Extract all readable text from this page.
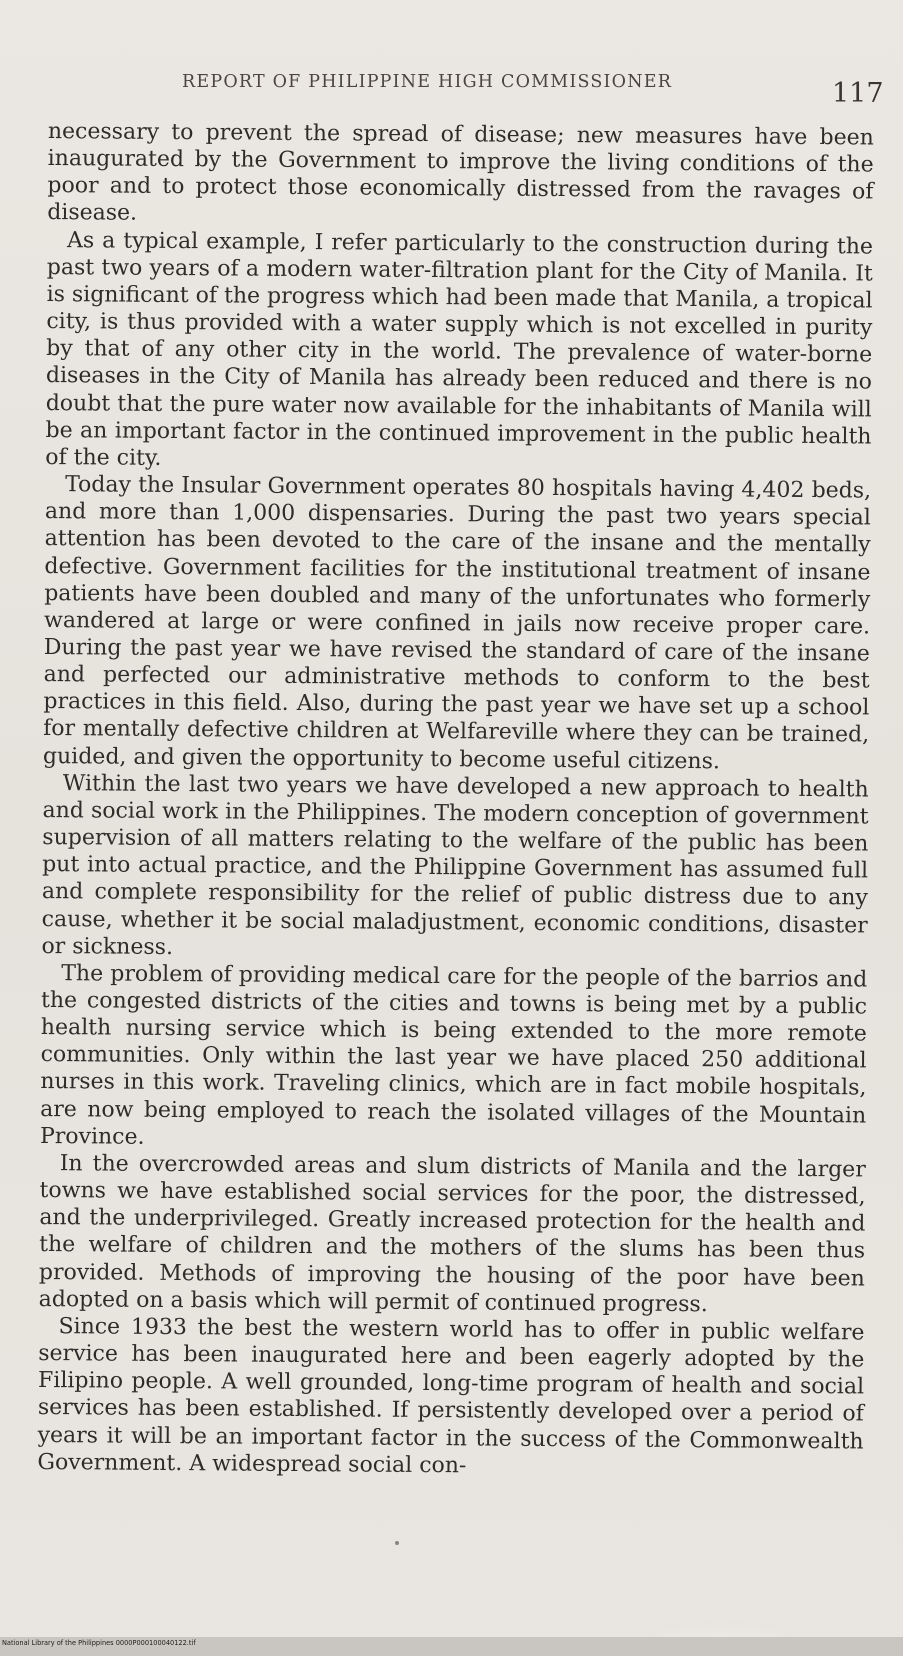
REPORT OF PHILIPPINE HIGH COMMISSIONER	117

necessary to prevent the spread of disease; new measures have been inaugurated by the Government to improve the living conditions of the poor and to protect those economically distressed from the ravages of disease.

As a typical example, I refer particularly to the construction during the past two years of a modern water-filtration plant for the City of Manila. It is significant of the progress which had been made that Manila, a tropical city, is thus provided with a water supply which is not excelled in purity by that of any other city in the world. The prevalence of water-borne diseases in the City of Manila has already been reduced and there is no doubt that the pure water now available for the inhabitants of Manila will be an important factor in the continued improvement in the public health of the city.

Today the Insular Government operates 80 hospitals having 4,402 beds, and more than 1,000 dispensaries. During the past two years special attention has been devoted to the care of the insane and the mentally defective. Government facilities for the institutional treatment of insane patients have been doubled and many of the unfortunates who formerly wandered at large or were confined in jails now receive proper care. During the past year we have revised the standard of care of the insane and perfected our administrative methods to conform to the best practices in this field. Also, during the past year we have set up a school for mentally defective children at Welfareville where they can be trained, guided, and given the opportunity to become useful citizens.

Within the last two years we have developed a new approach to health and social work in the Philippines. The modern conception of government supervision of all matters relating to the welfare of the public has been put into actual practice, and the Philippine Government has assumed full and complete responsibility for the relief of public distress due to any cause, whether it be social maladjustment, economic conditions, disaster or sickness.

The problem of providing medical care for the people of the barrios and the congested districts of the cities and towns is being met by a public health nursing service which is being extended to the more remote communities. Only within the last year we have placed 250 additional nurses in this work. Traveling clinics, which are in fact mobile hospitals, are now being employed to reach the isolated villages of the Mountain Province.

In the overcrowded areas and slum districts of Manila and the larger towns we have established social services for the poor, the distressed, and the underprivileged. Greatly increased protection for the health and the welfare of children and the mothers of the slums has been thus provided. Methods of improving the housing of the poor have been adopted on a basis which will permit of continued progress.

Since 1933 the best the western world has to offer in public welfare service has been inaugurated here and been eagerly adopted by the Filipino people. A well grounded, long-time program of health and social services has been established. If persistently developed over a period of years it will be an important factor in the success of the Commonwealth Government. A widespread social con-

National Library of the Philippines 0000P000100040122.tif
